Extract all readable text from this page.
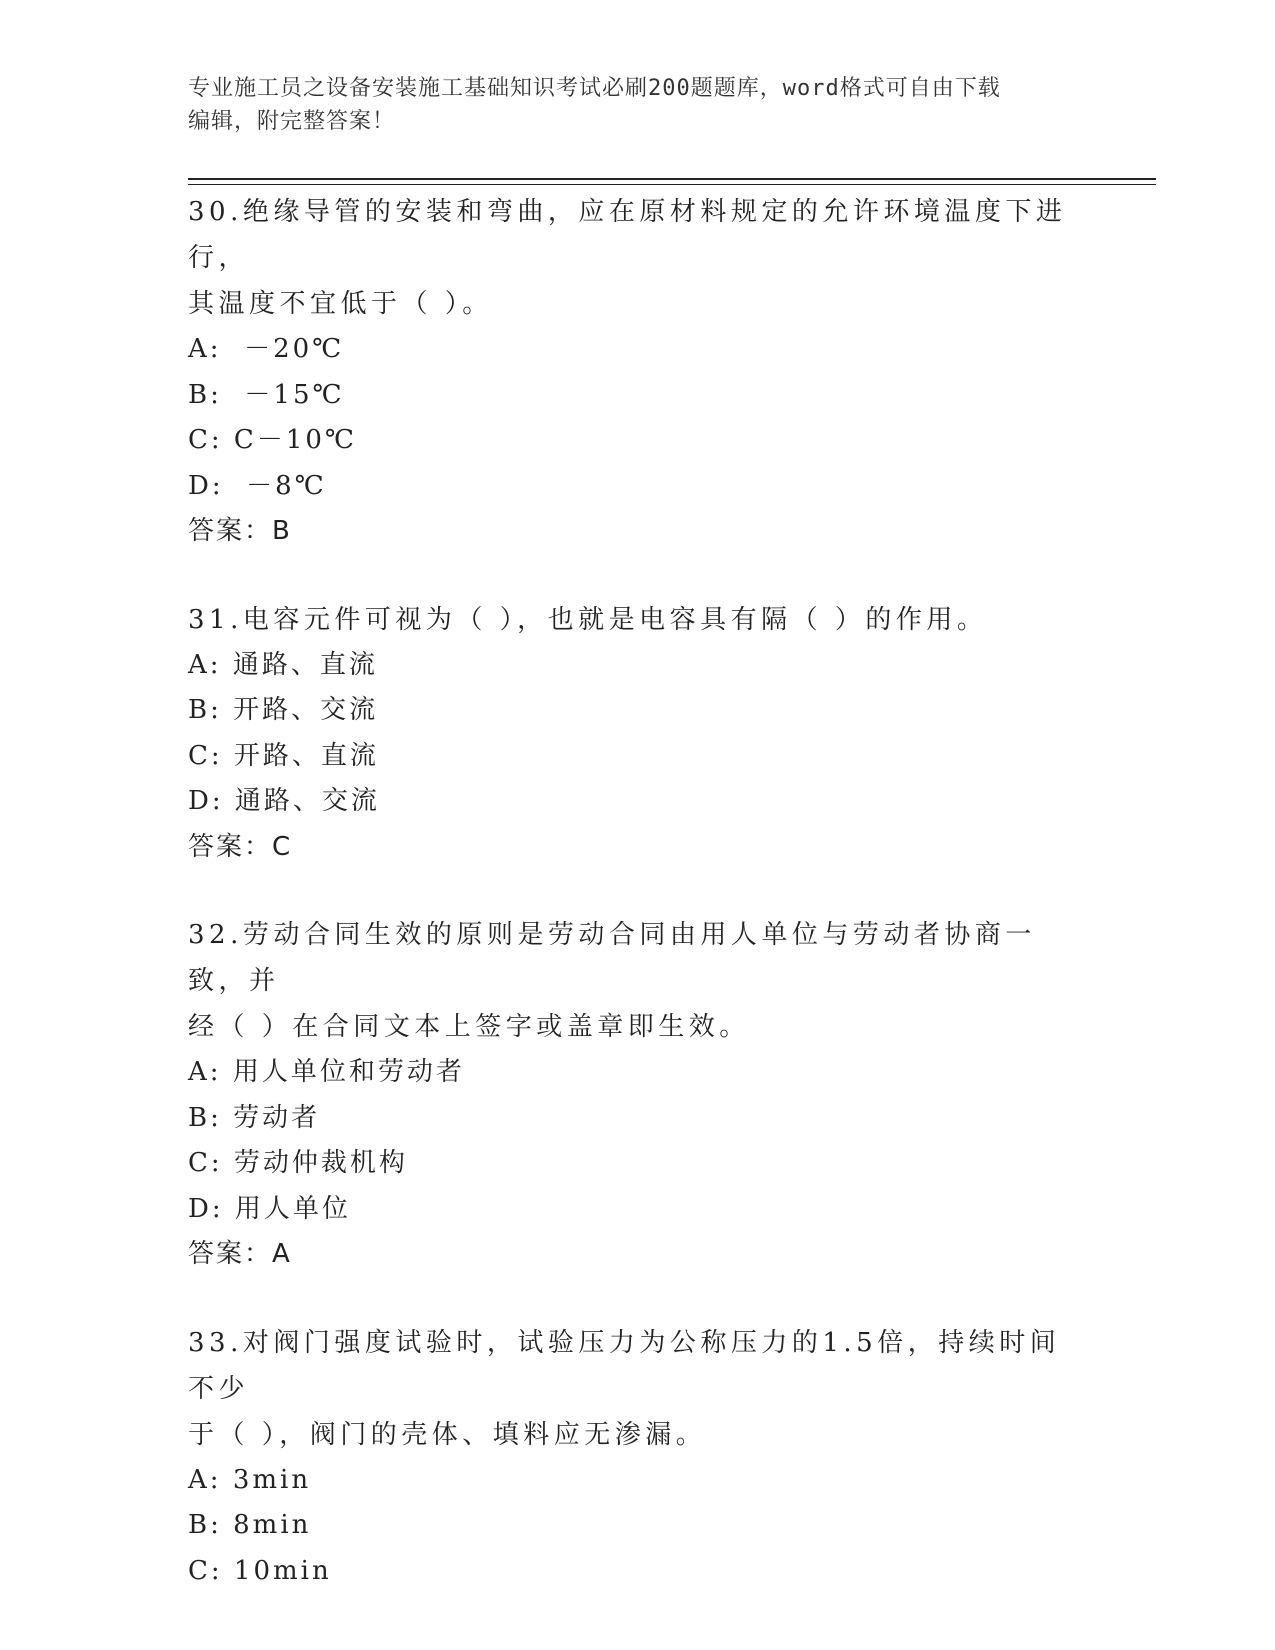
专业施工员之设备安装施工基础知识考试必刷200题题库，word格式可自由下载
编辑，附完整答案！
30.绝缘导管的安装和弯曲，应在原材料规定的允许环境温度下进行，
其温度不宜低于（ ）。
A:  －20℃
B:  －15℃
C: C－10℃
D:  －8℃
答案：B
31.电容元件可视为（ ），也就是电容具有隔（ ）的作用。
A: 通路、直流
B: 开路、交流
C: 开路、直流
D: 通路、交流
答案：C
32.劳动合同生效的原则是劳动合同由用人单位与劳动者协商一致，并
经（ ）在合同文本上签字或盖章即生效。
A: 用人单位和劳动者
B: 劳动者
C: 劳动仲裁机构
D: 用人单位
答案：A
33.对阀门强度试验时，试验压力为公称压力的1.5倍，持续时间不少
于（ ），阀门的壳体、填料应无渗漏。
A: 3min
B: 8min
C: 10min
